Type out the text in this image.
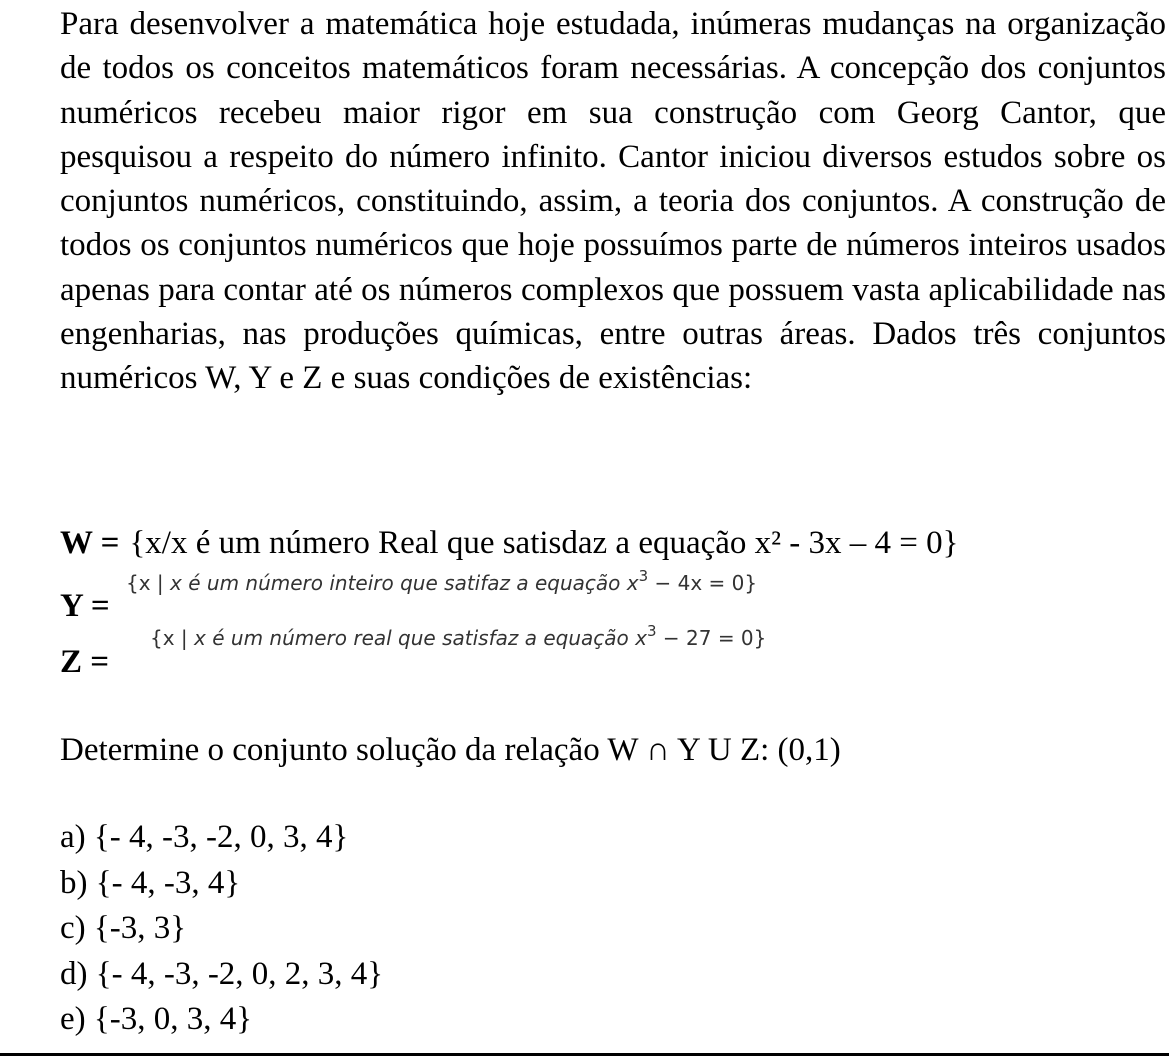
Para desenvolver a matemática hoje estudada, inúmeras mudanças na organização de todos os conceitos matemáticos foram necessárias. A concepção dos conjuntos numéricos recebeu maior rigor em sua construção com Georg Cantor, que pesquisou a respeito do número infinito. Cantor iniciou diversos estudos sobre os conjuntos numéricos, constituindo, assim, a teoria dos conjuntos. A construção de todos os conjuntos numéricos que hoje possuímos parte de números inteiros usados apenas para contar até os números complexos que possuem vasta aplicabilidade nas engenharias, nas produções químicas, entre outras áreas. Dados três conjuntos numéricos W, Y e Z e suas condições de existências:

W = {x/x é um número Real que satisdaz a equação x² - 3x – 4 = 0}
{x | x é um número inteiro que satifaz a equação $x^3 - 4x = 0$}
Y =
{x | x é um número real que satisfaz a equação $x^3 - 27 = 0$}
Z =
Determine o conjunto solução da relação W ∩ Y U Z: (0,1)
a) {- 4, -3, -2, 0, 3, 4}
b) {- 4, -3, 4}
c) {-3, 3}
d) {- 4, -3, -2, 0, 2, 3, 4}
e) {-3, 0, 3, 4}
